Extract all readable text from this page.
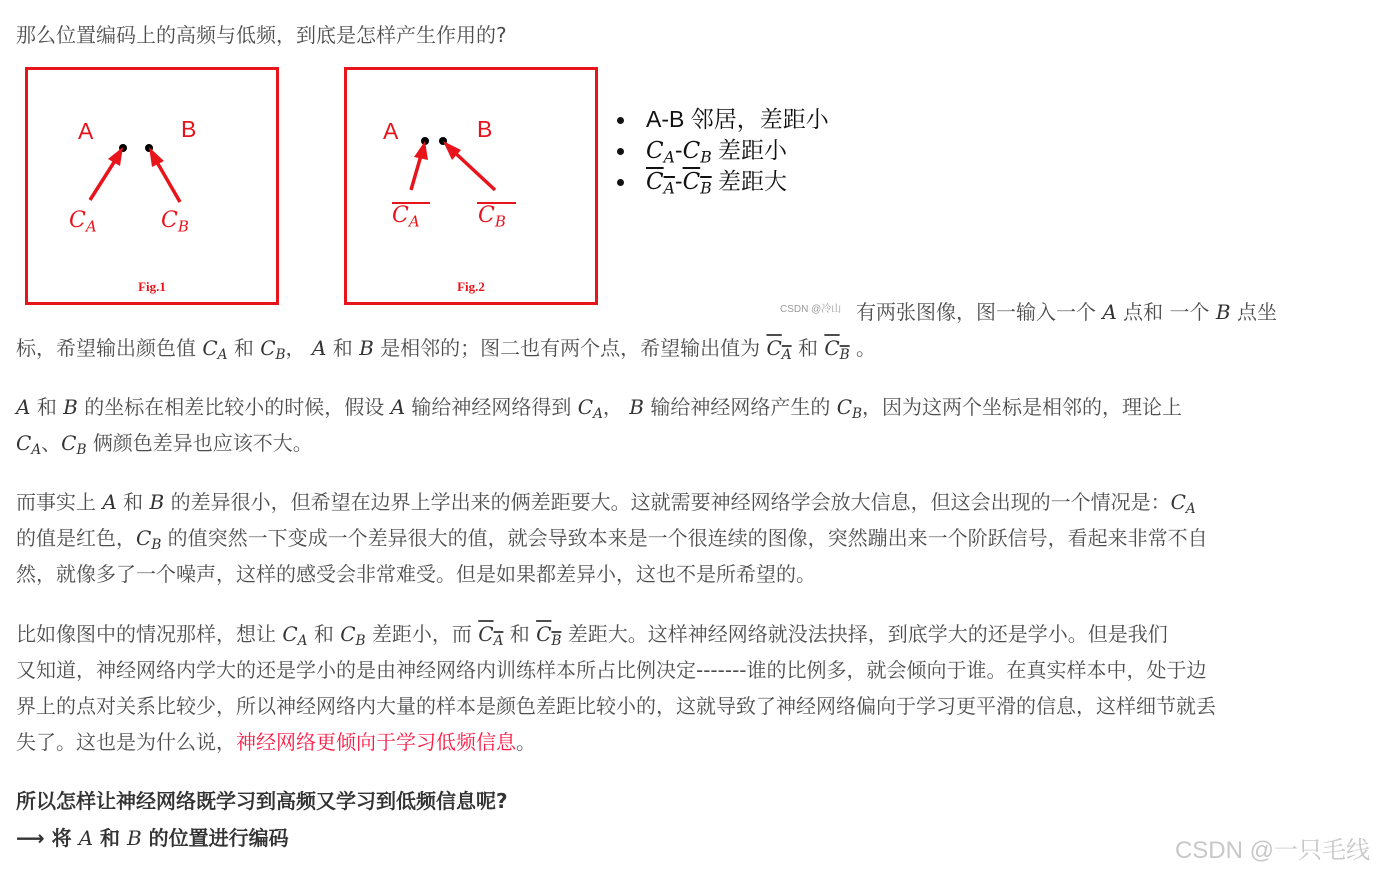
那么位置编码上的高频与低频，到底是怎样产生作用的?
A	B
$C_A$	$C_B$
Fig.1
A	B
$C_A$	$C_B$
Fig.2
A-B 邻居，差距小
$C_A-C_B$ 差距小
$C_A-C_B$ 差距大
CSDN @冷山 有两张图像，图一输入一个 A 点和 一个 B 点坐
标，希望输出颜色值 $C_A$ 和 $C_B$， A 和 B 是相邻的；图二也有两个点，希望输出值为 $C_A$ 和 $C_B$ 。
A 和 B 的坐标在相差比较小的时候，假设 A 输给神经网络得到 $C_A$， B 输给神经网络产生的 $C_B$，因为这两个坐标是相邻的，理论上
$C_A$、$C_B$ 俩颜色差异也应该不大。
而事实上 A 和 B 的差异很小，但希望在边界上学出来的俩差距要大。这就需要神经网络学会放大信息，但这会出现的一个情况是：$C_A$
的值是红色，$C_B$ 的值突然一下变成一个差异很大的值，就会导致本来是一个很连续的图像，突然蹦出来一个阶跃信号，看起来非常不自
然，就像多了一个噪声，这样的感受会非常难受。但是如果都差异小，这也不是所希望的。
比如像图中的情况那样，想让 $C_A$ 和 $C_B$ 差距小，而 $C_A$ 和 $C_B$ 差距大。这样神经网络就没法抉择，到底学大的还是学小。但是我们
又知道，神经网络内学大的还是学小的是由神经网络内训练样本所占比例决定-------谁的比例多，就会倾向于谁。在真实样本中，处于边
界上的点对关系比较少，所以神经网络内大量的样本是颜色差距比较小的，这就导致了神经网络偏向于学习更平滑的信息，这样细节就丢
失了。这也是为什么说，神经网络更倾向于学习低频信息。
所以怎样让神经网络既学习到高频又学习到低频信息呢?
⟶ 将 A 和 B 的位置进行编码	CSDN @一只毛线
